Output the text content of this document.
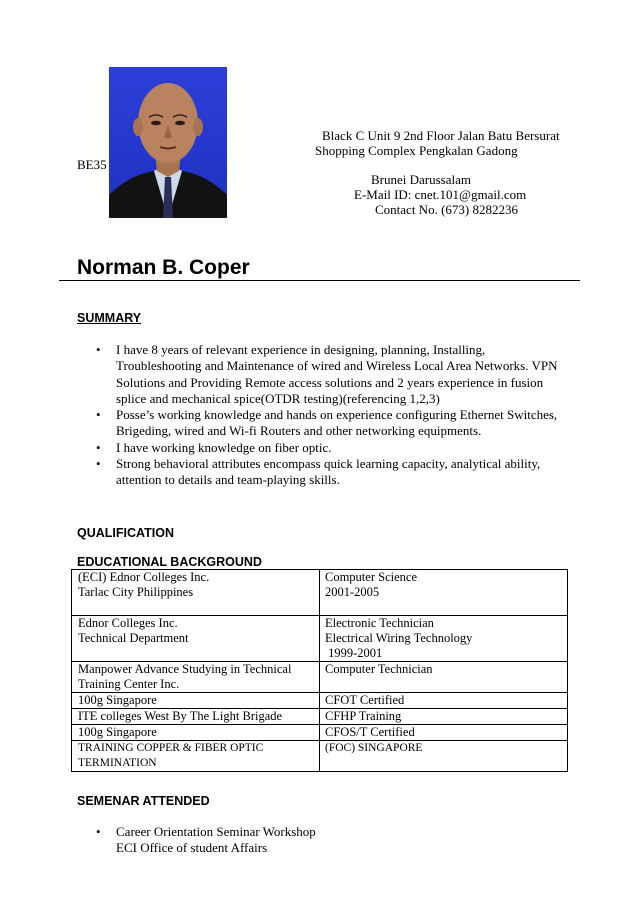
BE35
Black C Unit 9 2nd Floor Jalan Batu Bersurat
Shopping Complex Pengkalan Gadong
Brunei Darussalam
E-Mail ID: cnet.101@gmail.com
Contact No. (673) 8282236
Norman B. Coper
SUMMARY
• I have 8 years of relevant experience in designing, planning, Installing,
Troubleshooting and Maintenance of wired and Wireless Local Area Networks. VPN
Solutions and Providing Remote access solutions and 2 years experience in fusion
splice and mechanical spice(OTDR testing)(referencing 1,2,3)
• Posse’s working knowledge and hands on experience configuring Ethernet Switches,
Brigeding, wired and Wi-fi Routers and other networking equipments.
• I have working knowledge on fiber optic.
• Strong behavioral attributes encompass quick learning capacity, analytical ability,
attention to details and team-playing skills.
QUALIFICATION
EDUCATIONAL BACKGROUND
(ECI) Ednor Colleges Inc.
Tarlac City Philippines	Computer Science
2001-2005

Ednor Colleges Inc.
Technical Department	Electronic Technician
Electrical Wiring Technology
1999-2001

Manpower Advance Studying in Technical
Training Center Inc.	Computer Technician

100g Singapore	CFOT Certified
ITE colleges West By The Light Brigade	CFHP Training
100g Singapore	CFOS/T Certified

TRAINING COPPER & FIBER OPTIC
TERMINATION	(FOC) SINGAPORE

SEMENAR ATTENDED
• Career Orientation Seminar Workshop
ECI Office of student Affairs
